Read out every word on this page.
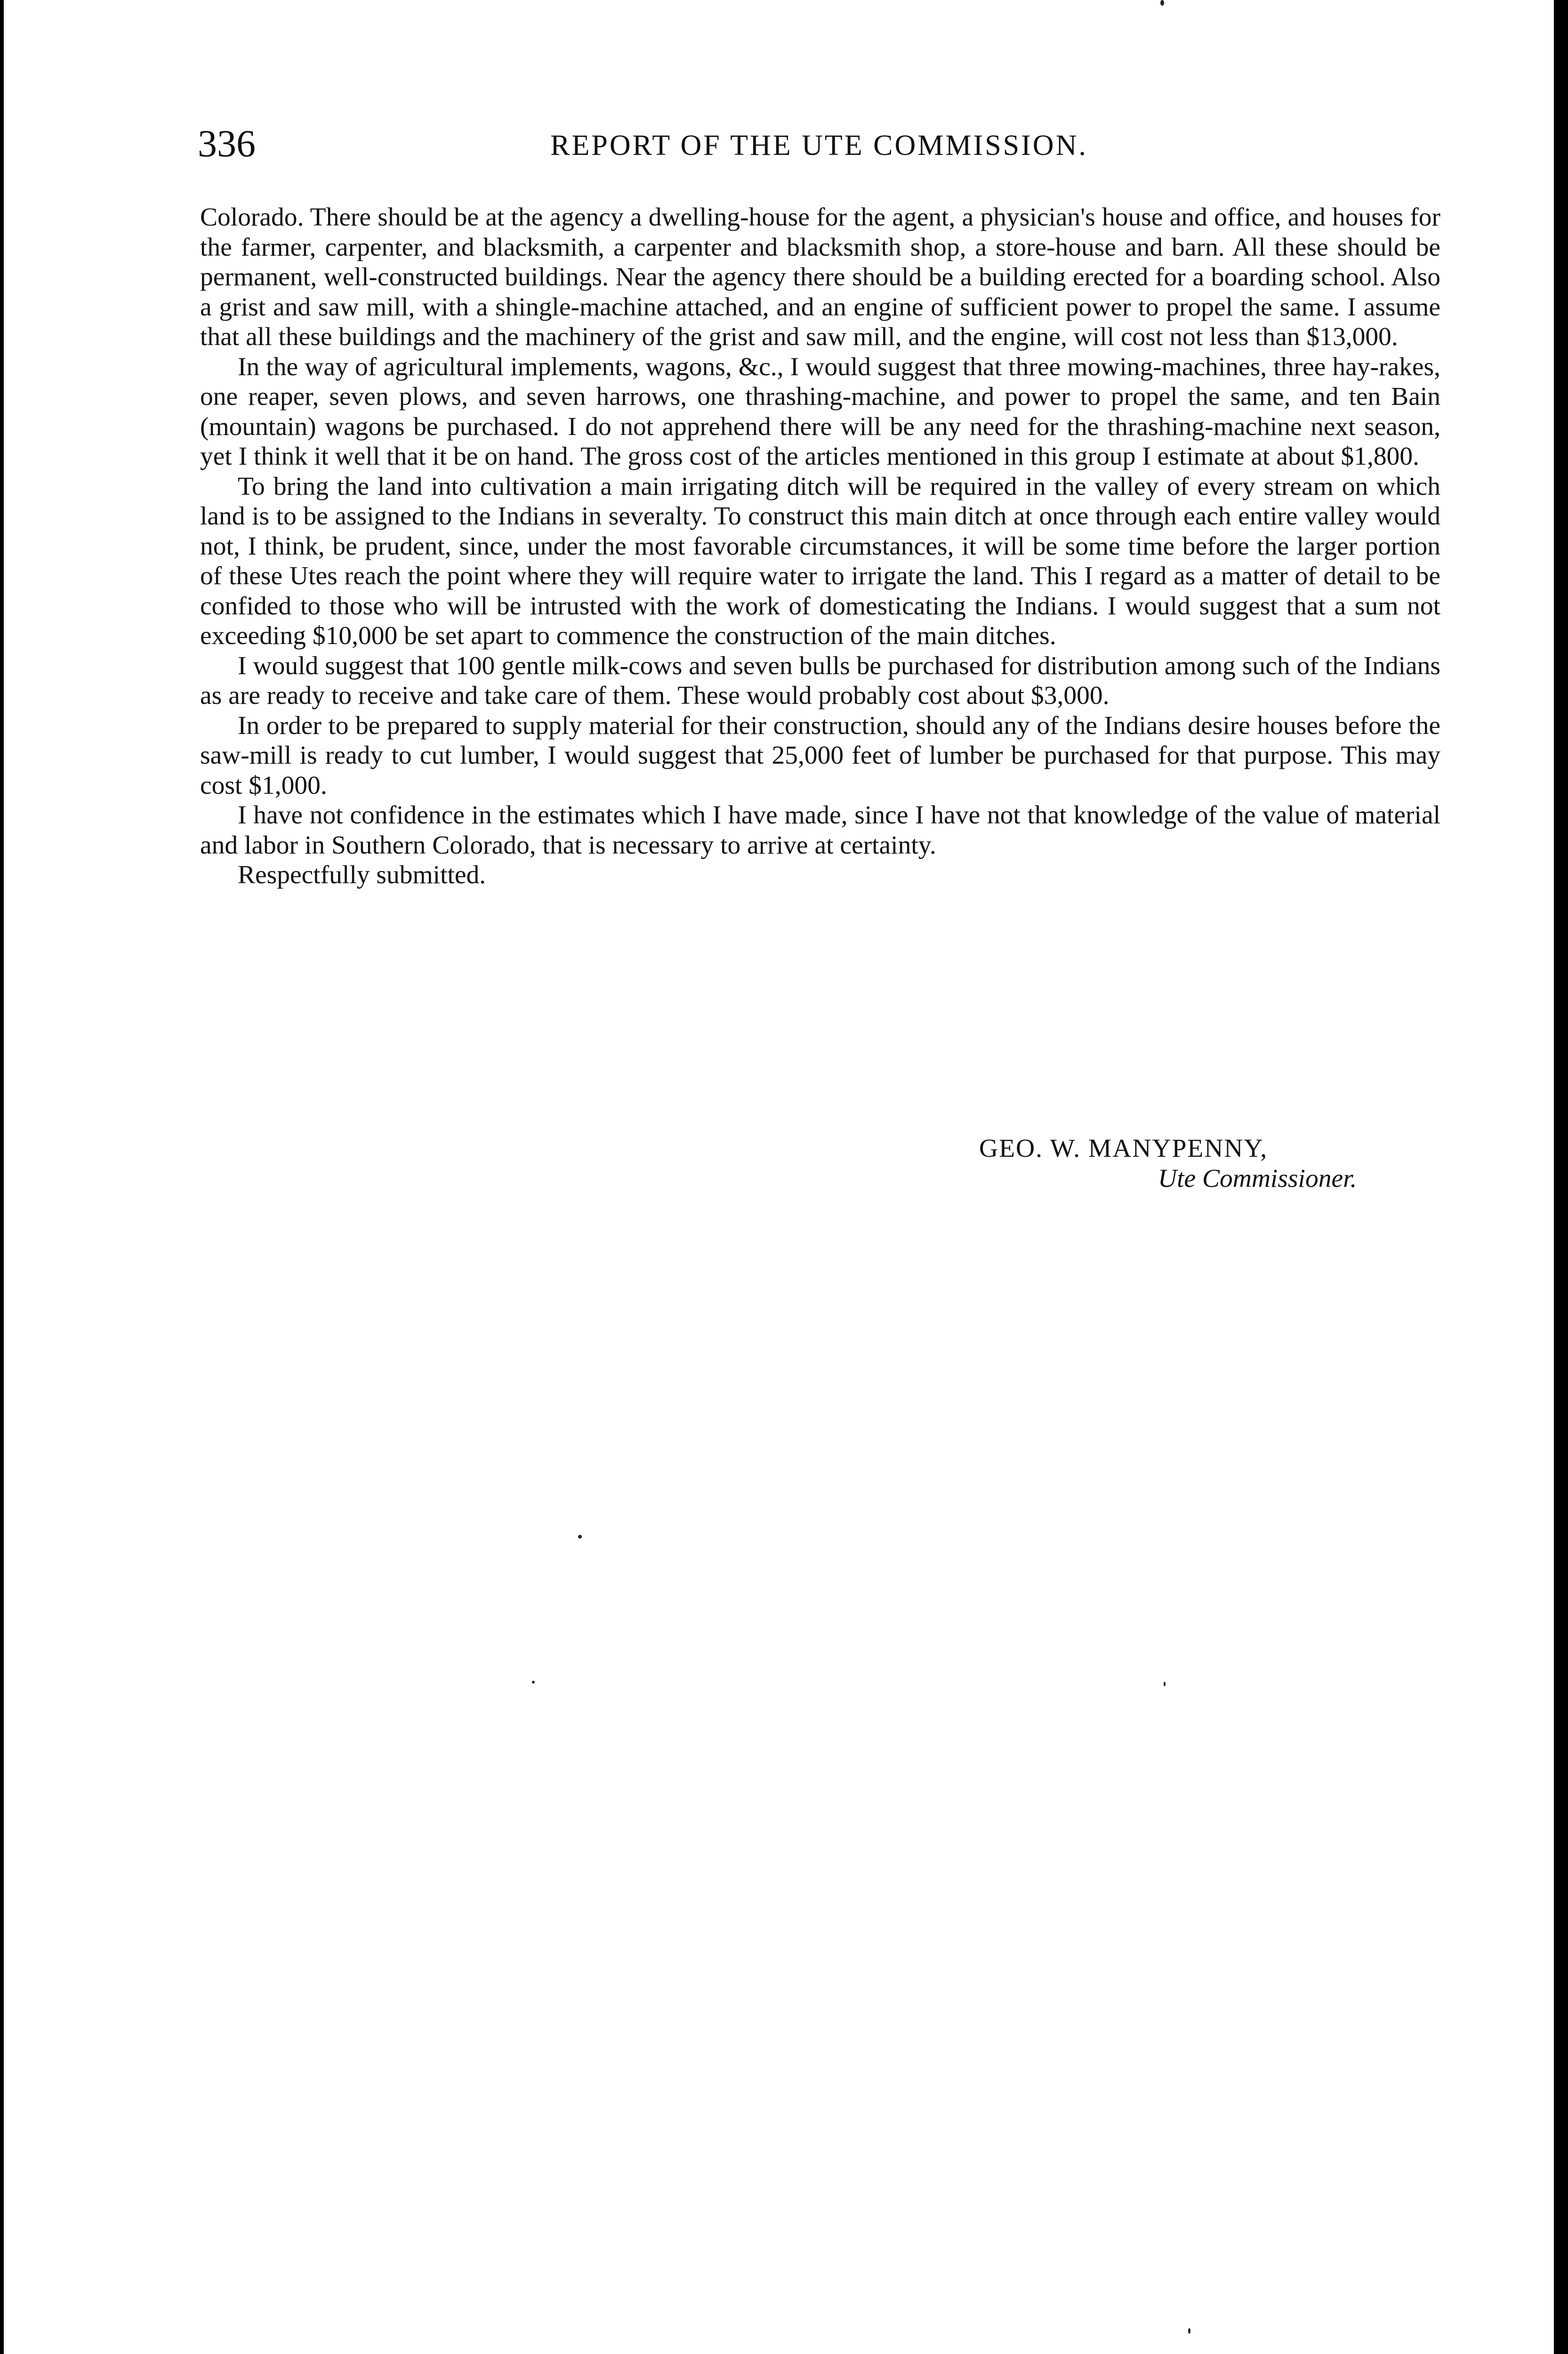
336	REPORT OF THE UTE COMMISSION.

Colorado. There should be at the agency a dwelling-house for the agent, a physician's house and office, and houses for the farmer, carpenter, and blacksmith, a carpenter and blacksmith shop, a store-house and barn. All these should be permanent, well-constructed buildings. Near the agency there should be a building erected for a boarding school. Also a grist and saw mill, with a shingle-machine attached, and an engine of sufficient power to propel the same. I assume that all these buildings and the machinery of the grist and saw mill, and the engine, will cost not less than $13,000.

In the way of agricultural implements, wagons, &c., I would suggest that three mowing-machines, three hay-rakes, one reaper, seven plows, and seven harrows, one thrashing-machine, and power to propel the same, and ten Bain (mountain) wagons be purchased. I do not apprehend there will be any need for the thrashing-machine next season, yet I think it well that it be on hand. The gross cost of the articles mentioned in this group I estimate at about $1,800.

To bring the land into cultivation a main irrigating ditch will be required in the valley of every stream on which land is to be assigned to the Indians in severalty. To construct this main ditch at once through each entire valley would not, I think, be prudent, since, under the most favorable circumstances, it will be some time before the larger portion of these Utes reach the point where they will require water to irrigate the land. This I regard as a matter of detail to be confided to those who will be intrusted with the work of domesticating the Indians. I would suggest that a sum not exceeding $10,000 be set apart to commence the construction of the main ditches.

I would suggest that 100 gentle milk-cows and seven bulls be purchased for distribution among such of the Indians as are ready to receive and take care of them. These would probably cost about $3,000.

In order to be prepared to supply material for their construction, should any of the Indians desire houses before the saw-mill is ready to cut lumber, I would suggest that 25,000 feet of lumber be purchased for that purpose. This may cost $1,000.

I have not confidence in the estimates which I have made, since I have not that knowledge of the value of material and labor in Southern Colorado, that is necessary to arrive at certainty.

Respectfully submitted.

GEO. W. MANYPENNY,
Ute Commissioner.
